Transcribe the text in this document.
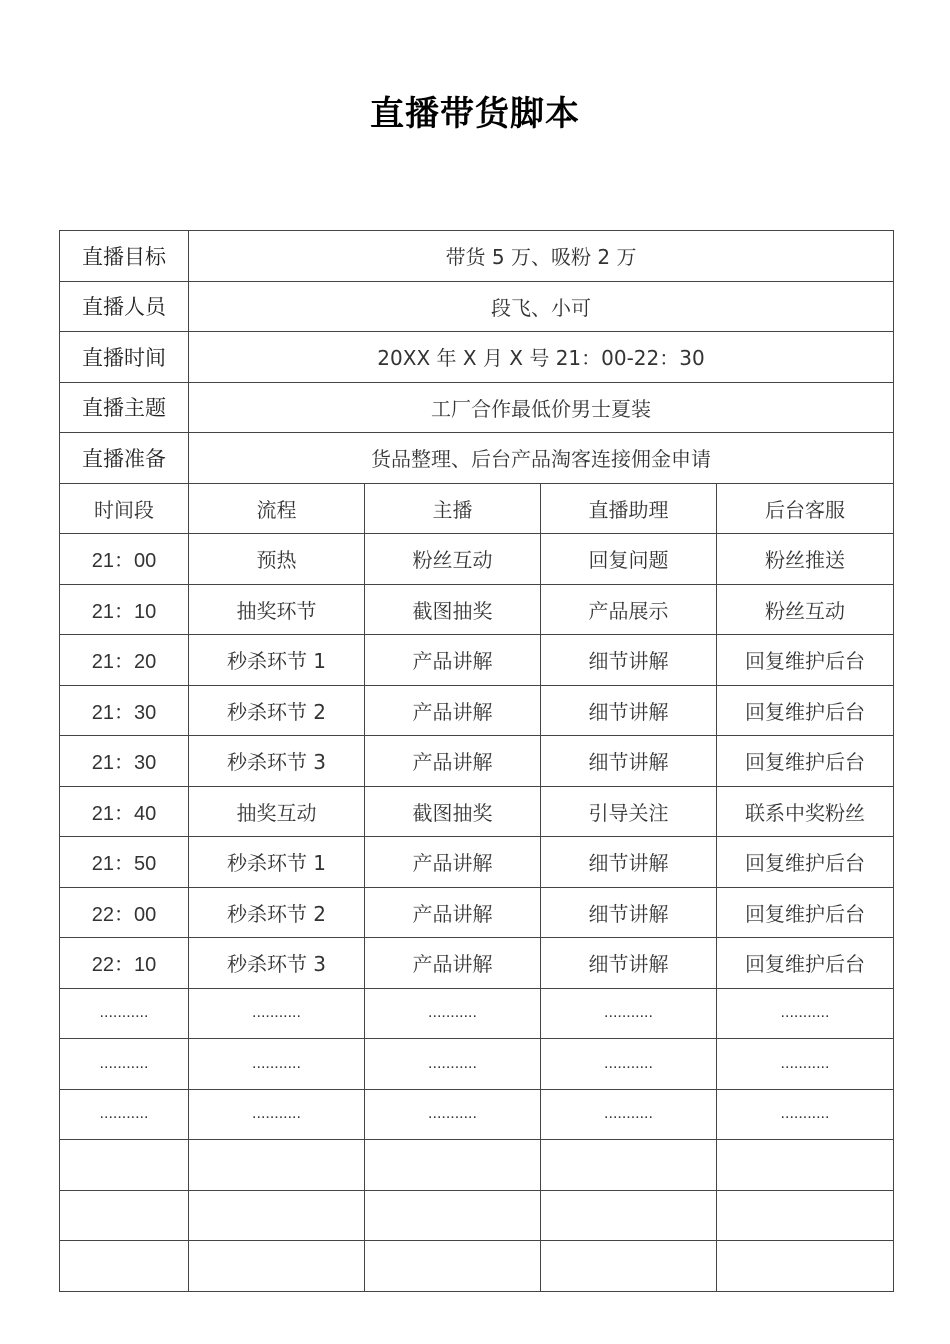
直播带货脚本
直播目标	带货 5 万、吸粉 2 万			
直播人员	段飞、小可			
直播时间	20XX 年 X 月 X 号 21：00-22：30			
直播主题	工厂合作最低价男士夏装			
直播准备	货品整理、后台产品淘客连接佣金申请			
时间段	流程	主播	直播助理	后台客服
21：00	预热	粉丝互动	回复问题	粉丝推送
21：10	抽奖环节	截图抽奖	产品展示	粉丝互动
21：20	秒杀环节 1	产品讲解	细节讲解	回复维护后台
21：30	秒杀环节 2	产品讲解	细节讲解	回复维护后台
21：30	秒杀环节 3	产品讲解	细节讲解	回复维护后台
21：40	抽奖互动	截图抽奖	引导关注	联系中奖粉丝
21：50	秒杀环节 1	产品讲解	细节讲解	回复维护后台
22：00	秒杀环节 2	产品讲解	细节讲解	回复维护后台
22：10	秒杀环节 3	产品讲解	细节讲解	回复维护后台
...........	...........	...........	...........	...........
...........	...........	...........	...........	...........
...........	...........	...........	...........	...........
